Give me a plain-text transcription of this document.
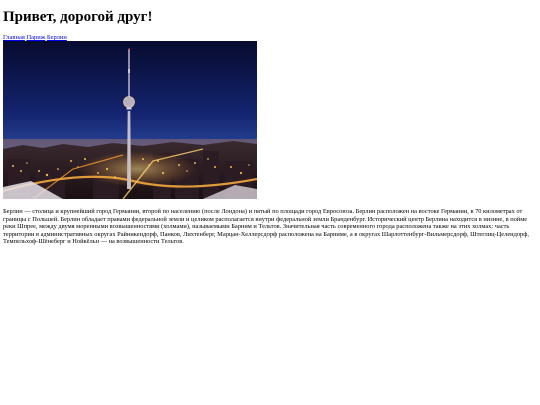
Привет, дорогой друг!
Главная Париж Берлин

Берлин — столица и крупнейший город Германии, второй по населению (после Лондона) и пятый по площади город Евросоюза. Берлин расположен на востоке Германии, в 70 километрах от границы с Польшей. Берлин обладает правами федеральной земли и целиком располагается внутри федеральной земли Бранденбург. Исторический центр Берлина находится в низине, в пойме реки Шпрее, между двумя моренными возвышенностями (холмами), называемыми Барним и Тельтов. Значительная часть современного города расположена также на этих холмах: часть территории в административных округах Райникендорф, Панков, Лихтенберг, Марцан-Хеллерсдорф расположена на Барниме, а в округах Шарлоттенбург-Вильмерсдорф, Штеглиц-Целендорф, Темпельхоф-Шёнеберг и Нойкёльн — на возвышенности Тельтов.
